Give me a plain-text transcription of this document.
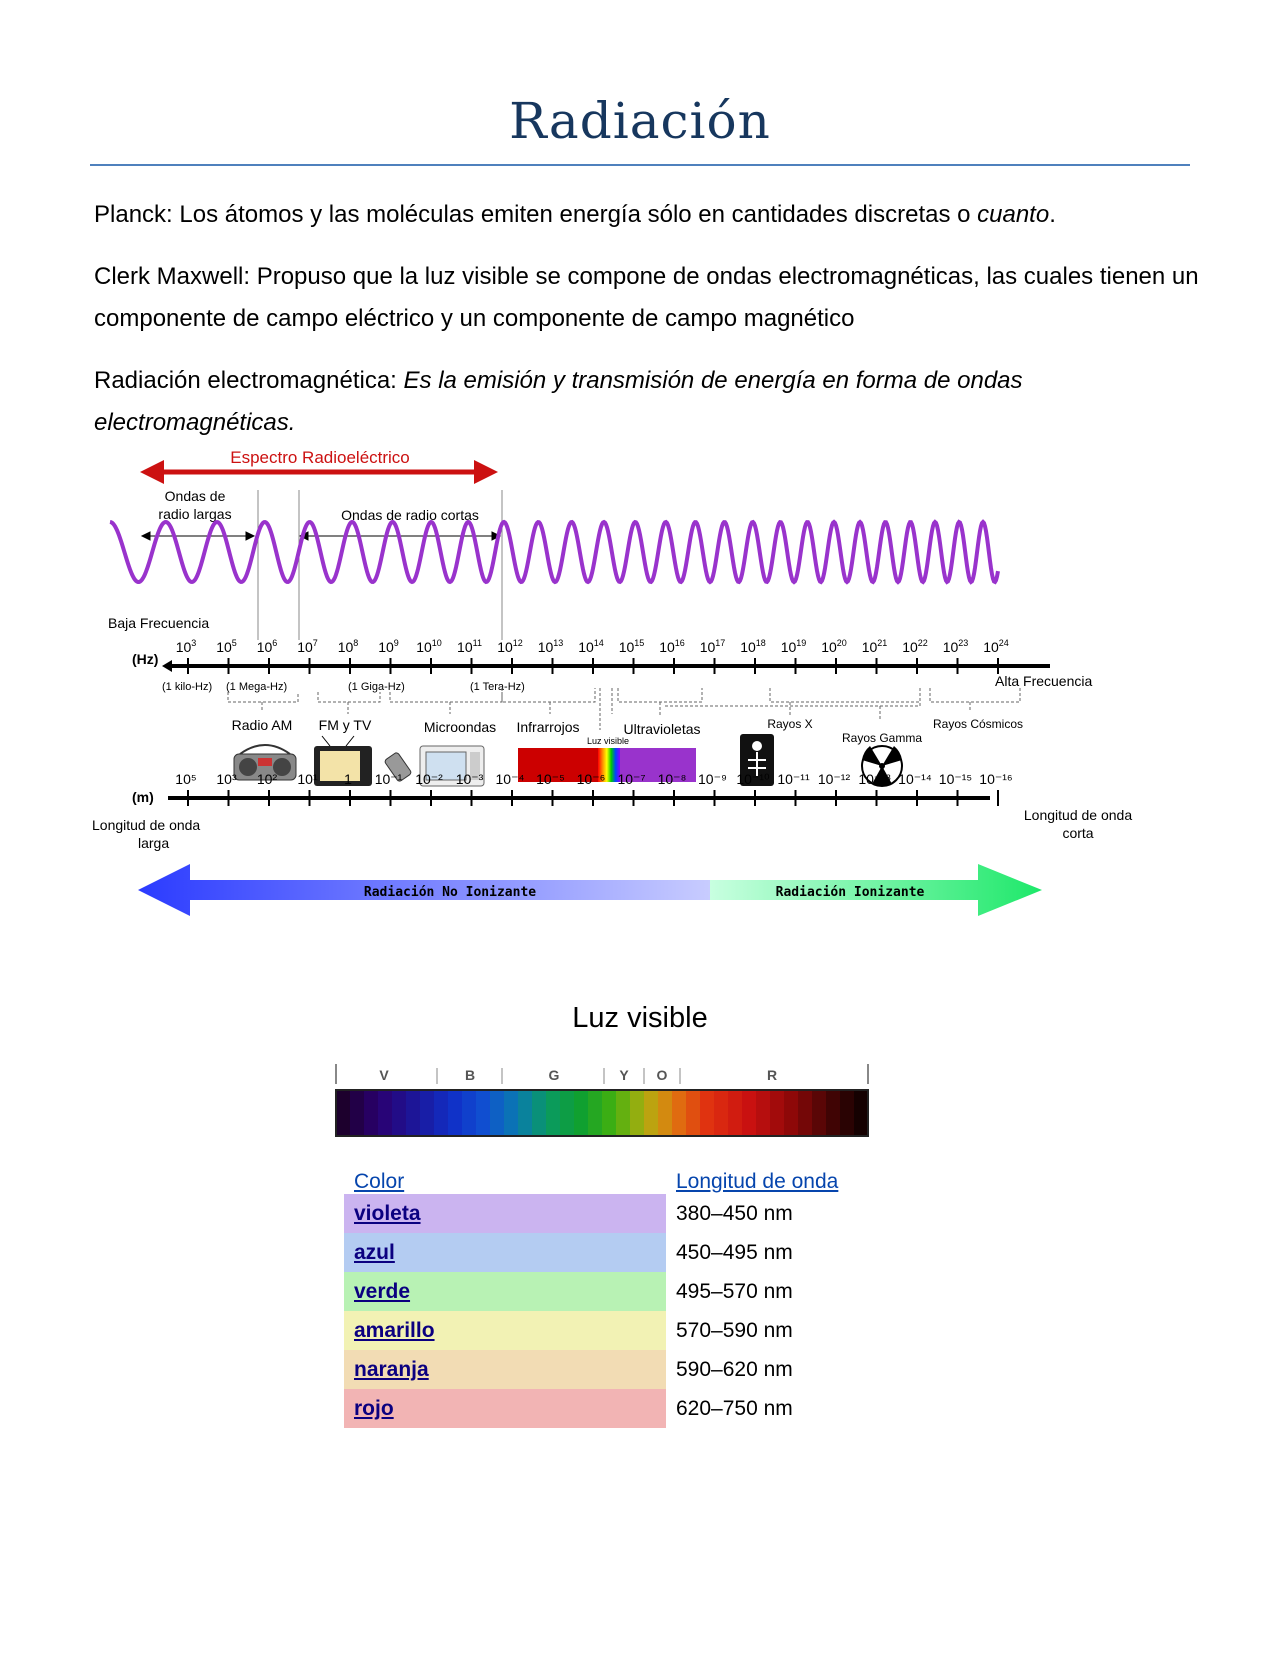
Radiación
Planck: Los átomos y las moléculas emiten energía sólo en cantidades discretas o cuanto.
Clerk Maxwell: Propuso que la luz visible se compone de ondas electromagnéticas, las cuales tienen un componente de campo eléctrico y un componente de campo magnético
Radiación electromagnética: Es la emisión y transmisión de energía en forma de ondas electromagnéticas.
Espectro Radioeléctrico
Ondas de
radio largas	Ondas de radio cortas
Baja Frecuencia
(Hz)
$10^3$ $10^5$ $10^6$ $10^7$ $10^8$ $10^9$ $10^{10}$ $10^{11}$ $10^{12}$ $10^{13}$ $10^{14}$ $10^{15}$ $10^{16}$ $10^{17}$ $10^{18}$ $10^{19}$ $10^{20}$ $10^{21}$ $10^{22}$ $10^{23}$ $10^{24}$
(1 kilo-Hz) (1 Mega-Hz)	(1 Giga-Hz)	(1 Tera-Hz)	Alta Frecuencia
Radio AM FM y TV	Microondas Infrarrojos	Ultravioletas	Rayos X
Rayos Gamma
Rayos Cósmicos
Luz visible
(m)
10⁵ 10³ 10² 10¹ 1 10⁻¹ 10⁻² 10⁻³ 10⁻⁴ 10⁻⁵ 10⁻⁶ 10⁻⁷ 10⁻⁸ 10⁻⁹ 10⁻¹⁰ 10⁻¹¹ 10⁻¹² 10⁻¹³ 10⁻¹⁴ 10⁻¹⁵ 10⁻¹⁶
Longitud de onda
larga
Longitud de onda
corta
Radiación No Ionizante	Radiación Ionizante
Luz visible
V	B	G	Y O	R
Color	Longitud de onda
violeta	380–450 nm
azul	450–495 nm
verde	495–570 nm
amarillo	570–590 nm
naranja	590–620 nm
rojo	620–750 nm
